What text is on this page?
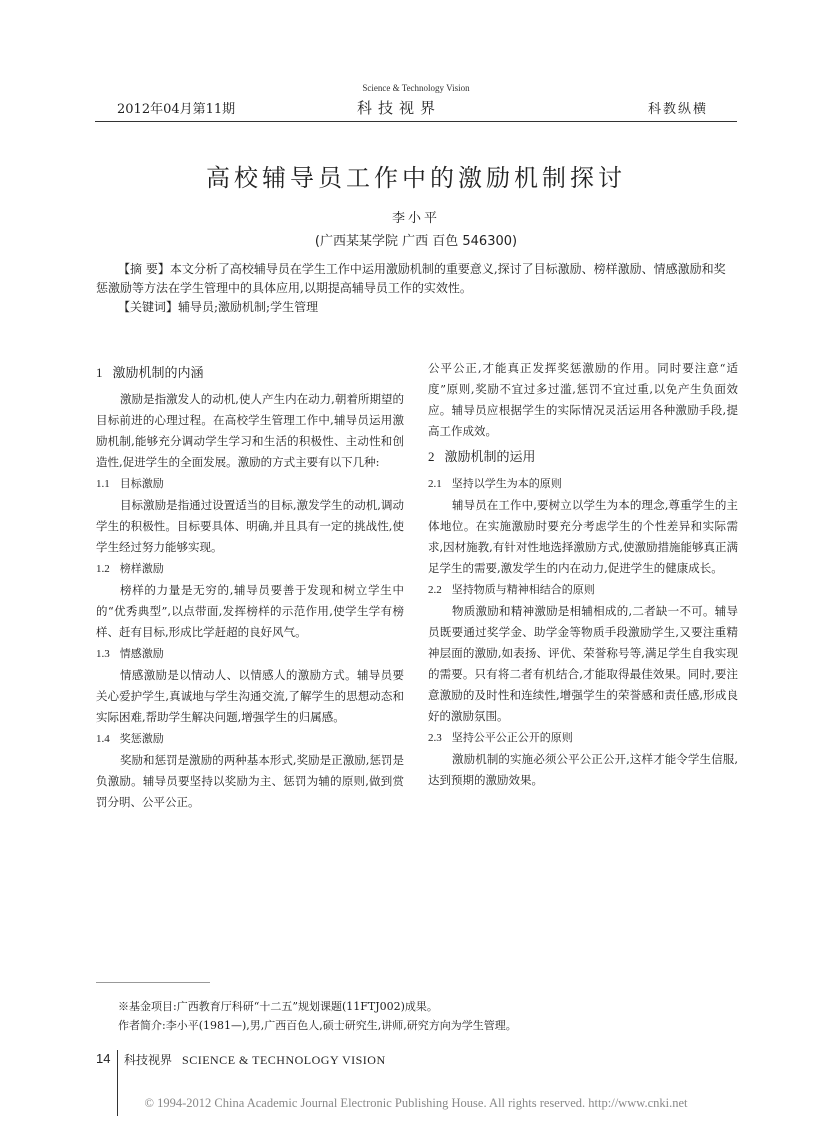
Science & Technology Vision
2012年04月第11期	科技视界	科教纵横
高校辅导员工作中的激励机制探讨
李小平
(广西某某学院 广西 百色 546300)

【摘 要】本文分析了高校辅导员在学生工作中运用激励机制的重要意义,探讨了目标激励、榜样激励、情感激励和奖惩激励等方法在学生管理中的具体应用,以期提高辅导员工作的实效性。

【关键词】辅导员;激励机制;学生管理

1 激励机制的内涵

激励是指激发人的动机,使人产生内在动力,朝着所期望的目标前进的心理过程。在高校学生管理工作中,辅导员运用激励机制,能够充分调动学生学习和生活的积极性、主动性和创造性,促进学生的全面发展。激励的方式主要有以下几种:

1.1 目标激励

目标激励是指通过设置适当的目标,激发学生的动机,调动学生的积极性。目标要具体、明确,并且具有一定的挑战性,使学生经过努力能够实现。

1.2 榜样激励

榜样的力量是无穷的,辅导员要善于发现和树立学生中的“优秀典型”,以点带面,发挥榜样的示范作用,使学生学有榜样、赶有目标,形成比学赶超的良好风气。

1.3 情感激励

情感激励是以情动人、以情感人的激励方式。辅导员要关心爱护学生,真诚地与学生沟通交流,了解学生的思想动态和实际困难,帮助学生解决问题,增强学生的归属感。

1.4 奖惩激励

奖励和惩罚是激励的两种基本形式,奖励是正激励,惩罚是负激励。辅导员要坚持以奖励为主、惩罚为辅的原则,做到赏罚分明、公平公正。

公平公正,才能真正发挥奖惩激励的作用。同时要注意“适度”原则,奖励不宜过多过滥,惩罚不宜过重,以免产生负面效应。辅导员应根据学生的实际情况灵活运用各种激励手段,提高工作成效。

2 激励机制的运用
2.1 坚持以学生为本的原则

辅导员在工作中,要树立以学生为本的理念,尊重学生的主体地位。在实施激励时要充分考虑学生的个性差异和实际需求,因材施教,有针对性地选择激励方式,使激励措施能够真正满足学生的需要,激发学生的内在动力,促进学生的健康成长。

2.2 坚持物质与精神相结合的原则

物质激励和精神激励是相辅相成的,二者缺一不可。辅导员既要通过奖学金、助学金等物质手段激励学生,又要注重精神层面的激励,如表扬、评优、荣誉称号等,满足学生自我实现的需要。只有将二者有机结合,才能取得最佳效果。同时,要注意激励的及时性和连续性,增强学生的荣誉感和责任感,形成良好的激励氛围。

2.3 坚持公平公正公开的原则

激励机制的实施必须公平公正公开,这样才能令学生信服,达到预期的激励效果。

※基金项目:广西教育厅科研“十二五”规划课题(11FTJ002)成果。
作者简介:李小平(1981—),男,广西百色人,硕士研究生,讲师,研究方向为学生管理。
14 科技视界 SCIENCE & TECHNOLOGY VISION
© 1994-2012 China Academic Journal Electronic Publishing House. All rights reserved. http://www.cnki.net
